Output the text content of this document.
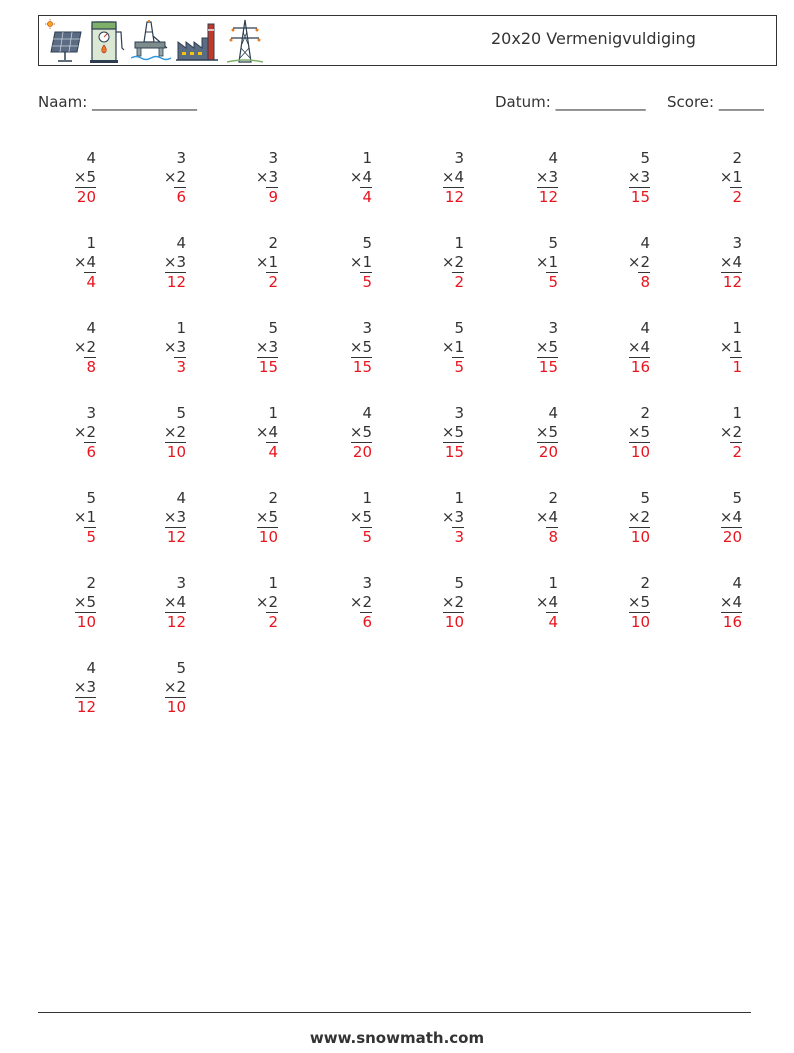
20x20 Vermenigvuldiging
Naam: ______________	Datum: ____________ Score: ______
4
×5
20
3
×2
6
3
×3
9
1
×4
4
3
×4
12
4
×3
12
5
×3
15
2
×1
2
1
×4
4
4
×3
12
2
×1
2
5
×1
5
1
×2
2
5
×1
5
4
×2
8
3
×4
12
4
×2
8
1
×3
3
5
×3
15
3
×5
15
5
×1
5
3
×5
15
4
×4
16
1
×1
1
3
×2
6
5
×2
10
1
×4
4
4
×5
20
3
×5
15
4
×5
20
2
×5
10
1
×2
2
5
×1
5
4
×3
12
2
×5
10
1
×5
5
1
×3
3
2
×4
8
5
×2
10
5
×4
20
2
×5
10
3
×4
12
1
×2
2
3
×2
6
5
×2
10
1
×4
4
2
×5
10
4
×4
16
4
×3
12
5
×2
10
www.snowmath.com
